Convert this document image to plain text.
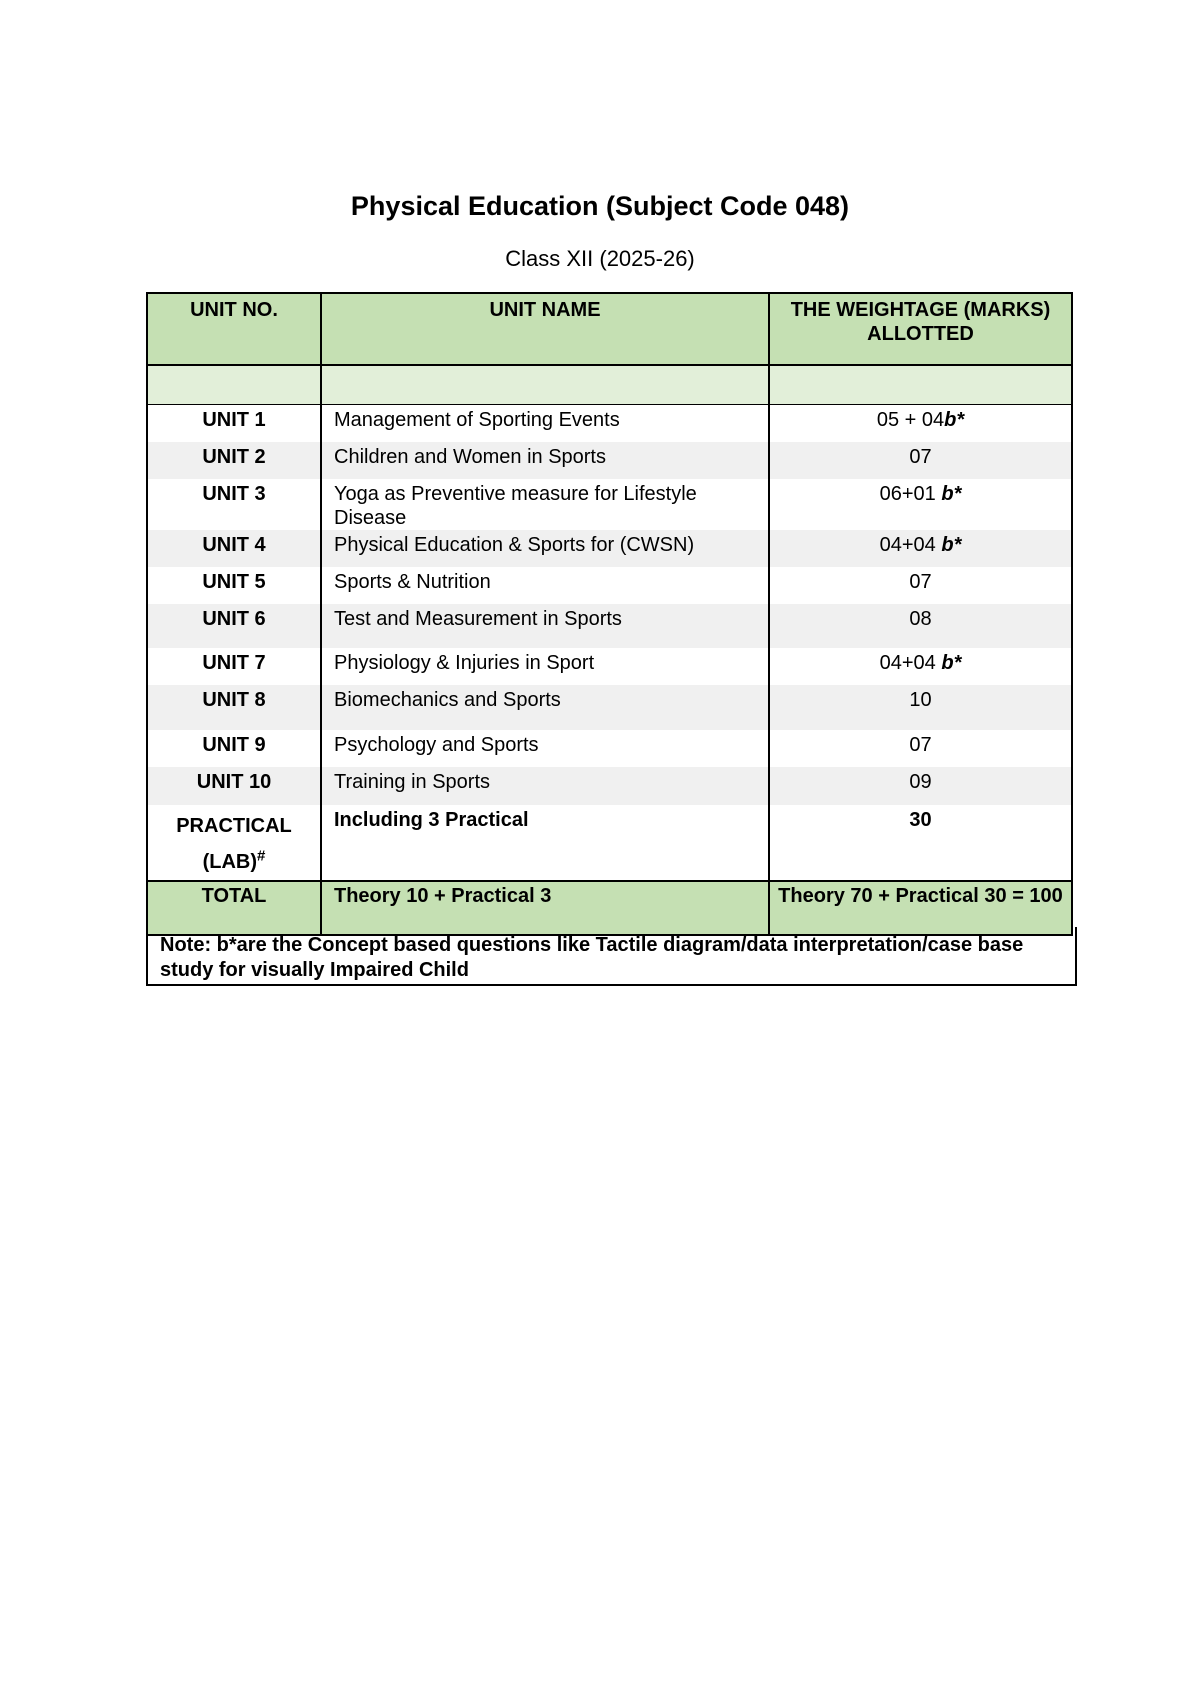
Physical Education (Subject Code 048)
Class XII (2025-26)
UNIT NO.	UNIT NAME	THE WEIGHTAGE (MARKS) ALLOTTED

UNIT 1	Management of Sporting Events	05 + 04b*
UNIT 2	Children and Women in Sports	07
UNIT 3	Yoga as Preventive measure for Lifestyle Disease	06+01 b*
UNIT 4	Physical Education & Sports for (CWSN)	04+04 b*
UNIT 5	Sports & Nutrition	07
UNIT 6	Test and Measurement in Sports	08
UNIT 7	Physiology & Injuries in Sport	04+04 b*
UNIT 8	Biomechanics and Sports	10
UNIT 9	Psychology and Sports	07
UNIT 10	Training in Sports	09
PRACTICAL (LAB)#	Including 3 Practical	30
TOTAL	Theory 10 + Practical 3	Theory 70 + Practical 30 = 100
Note: b*are the Concept based questions like Tactile diagram/data interpretation/case base study for visually Impaired Child
